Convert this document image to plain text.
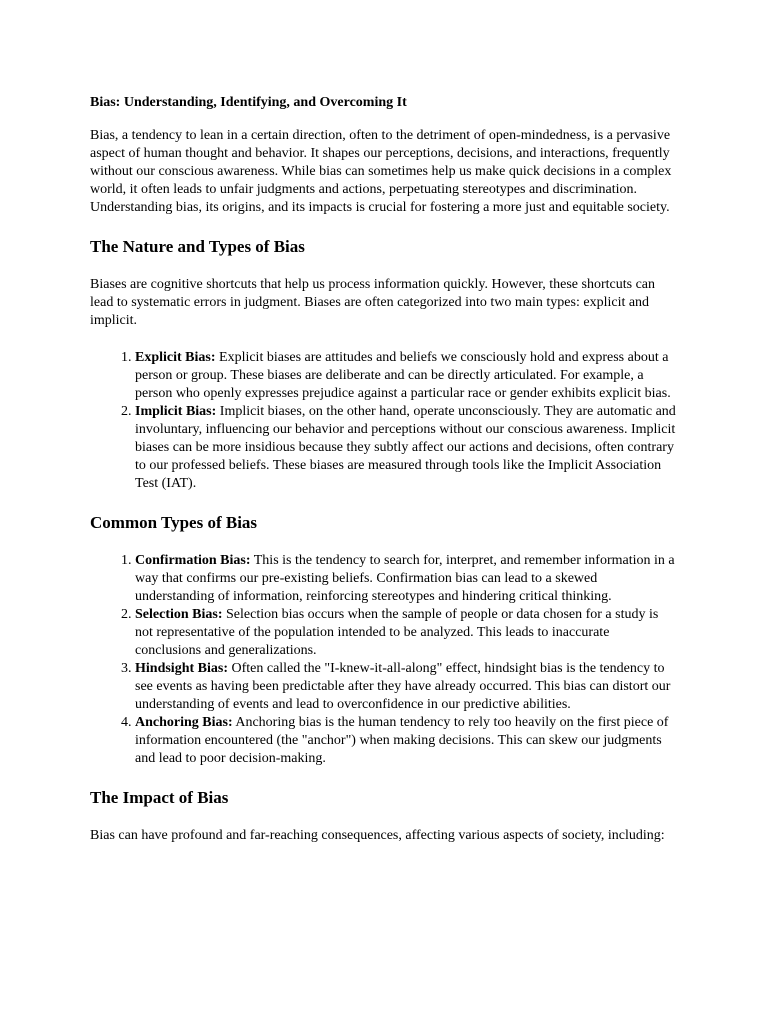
Bias: Understanding, Identifying, and Overcoming It

Bias, a tendency to lean in a certain direction, often to the detriment of open-mindedness, is a pervasive aspect of human thought and behavior. It shapes our perceptions, decisions, and interactions, frequently without our conscious awareness. While bias can sometimes help us make quick decisions in a complex world, it often leads to unfair judgments and actions, perpetuating stereotypes and discrimination. Understanding bias, its origins, and its impacts is crucial for fostering a more just and equitable society.

The Nature and Types of Bias

Biases are cognitive shortcuts that help us process information quickly. However, these shortcuts can lead to systematic errors in judgment. Biases are often categorized into two main types: explicit and implicit.

1. Explicit Bias: Explicit biases are attitudes and beliefs we consciously hold and express about a person or group. These biases are deliberate and can be directly articulated. For example, a person who openly expresses prejudice against a particular race or gender exhibits explicit bias.
2. Implicit Bias: Implicit biases, on the other hand, operate unconsciously. They are automatic and involuntary, influencing our behavior and perceptions without our conscious awareness. Implicit biases can be more insidious because they subtly affect our actions and decisions, often contrary to our professed beliefs. These biases are measured through tools like the Implicit Association Test (IAT).
Common Types of Bias
1. Confirmation Bias: This is the tendency to search for, interpret, and remember information in a way that confirms our pre-existing beliefs. Confirmation bias can lead to a skewed understanding of information, reinforcing stereotypes and hindering critical thinking.
2. Selection Bias: Selection bias occurs when the sample of people or data chosen for a study is not representative of the population intended to be analyzed. This leads to inaccurate conclusions and generalizations.
3. Hindsight Bias: Often called the "I-knew-it-all-along" effect, hindsight bias is the tendency to see events as having been predictable after they have already occurred. This bias can distort our understanding of events and lead to overconfidence in our predictive abilities.
4. Anchoring Bias: Anchoring bias is the human tendency to rely too heavily on the first piece of information encountered (the "anchor") when making decisions. This can skew our judgments and lead to poor decision-making.
The Impact of Bias

Bias can have profound and far-reaching consequences, affecting various aspects of society, including:
